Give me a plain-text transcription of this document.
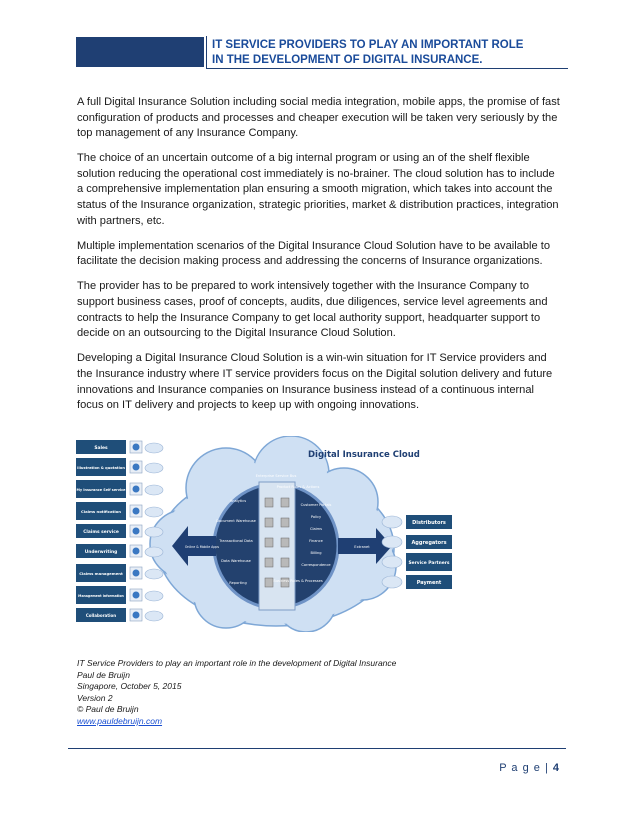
IT SERVICE PROVIDERS TO PLAY AN IMPORTANT ROLE
IN THE DEVELOPMENT OF DIGITAL INSURANCE.

A full Digital Insurance Solution including social media integration, mobile apps, the promise of fast configuration of products and processes and cheaper execution will be taken very seriously by the top management of any Insurance Company.

The choice of an uncertain outcome of a big internal program or using an of the shelf flexible solution reducing the operational cost immediately is no-brainer. The cloud solution has to include a comprehensive implementation plan ensuring a smooth migration, which takes into account the status of the Insurance organization, strategic priorities, market & distribution practices, integration with partners, etc.

Multiple implementation scenarios of the Digital Insurance Cloud Solution have to be available to facilitate the decision making process and addressing the concerns of Insurance organizations.

The provider has to be prepared to work intensively together with the Insurance Company to support business cases, proof of concepts, audits, due diligences, service level agreements and contracts to help the Insurance Company to get local authority support, headquarter support to decide on an outsourcing to the Digital Insurance Cloud Solution.

Developing a Digital Insurance Cloud Solution is a win-win situation for IT Service providers and the Insurance industry where IT service providers focus on the Digital solution delivery and future innovations and Insurance companies on Insurance business instead of a continuous internal focus on IT delivery and projects to keep up with ongoing innovations.

Digital Insurance Cloud
Enterprise Service Bus
Analytics
Document Warehouse
Transactional Data
Data Warehouse
Reporting
Product Rules & Actions
Customer Portals
Policy
Claims
Finance
Billing
Correspondence
Business Rules & Processes
Online & Mobile Apps	Extranet
Sales
Illustration & quotation
My Insurance Self service
Claims notification
Claims service
Underwriting
Claims management
Management information
Collaboration
Distributors
Aggregators
Service Partners
Payment
IT Service Providers to play an important role in the development of Digital Insurance
Paul de Bruijn
Singapore, October 5, 2015
Version 2
© Paul de Bruijn
www.pauldebruijn.com
P a g e | 4
